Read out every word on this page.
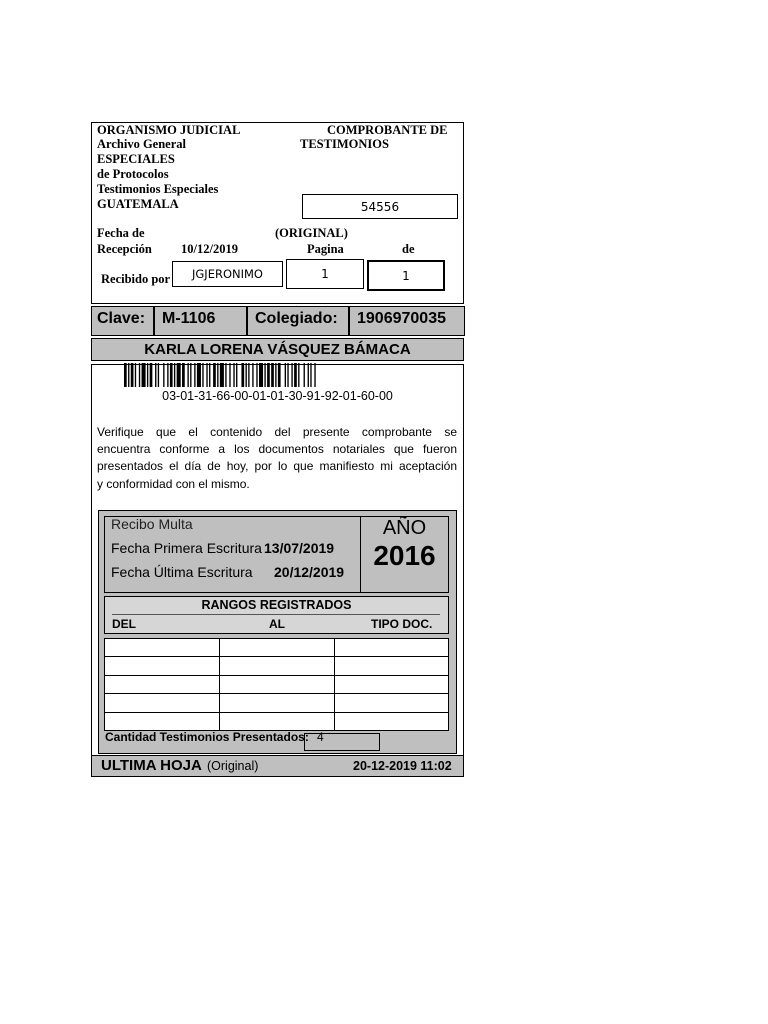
ORGANISMO JUDICIAL
Archivo General
ESPECIALES
de Protocolos
Testimonios Especiales
GUATEMALA
COMPROBANTE DE
TESTIMONIOS
54556
Fecha de
Recepción 10/12/2019
(ORIGINAL)
Pagina	de
Recibido por	JGJERONIMO	1	1
Clave: M-1106 Colegiado: 1906970035
KARLA LORENA VÁSQUEZ BÁMACA
03-01-31-66-00-01-01-30-91-92-01-60-00
Verifique que el contenido del presente comprobante se
encuentra conforme a los documentos notariales que fueron
presentados el día de hoy, por lo que manifiesto mi aceptación
y conformidad con el mismo.
Recibo Multa
Fecha Primera Escritura 13/07/2019
Fecha Última Escritura 20/12/2019
AÑO
2016
RANGOS REGISTRADOS
DEL	AL	TIPO DOC.
Cantidad Testimonios Presentados: 4
ULTIMA HOJA (Original)	20-12-2019 11:02
